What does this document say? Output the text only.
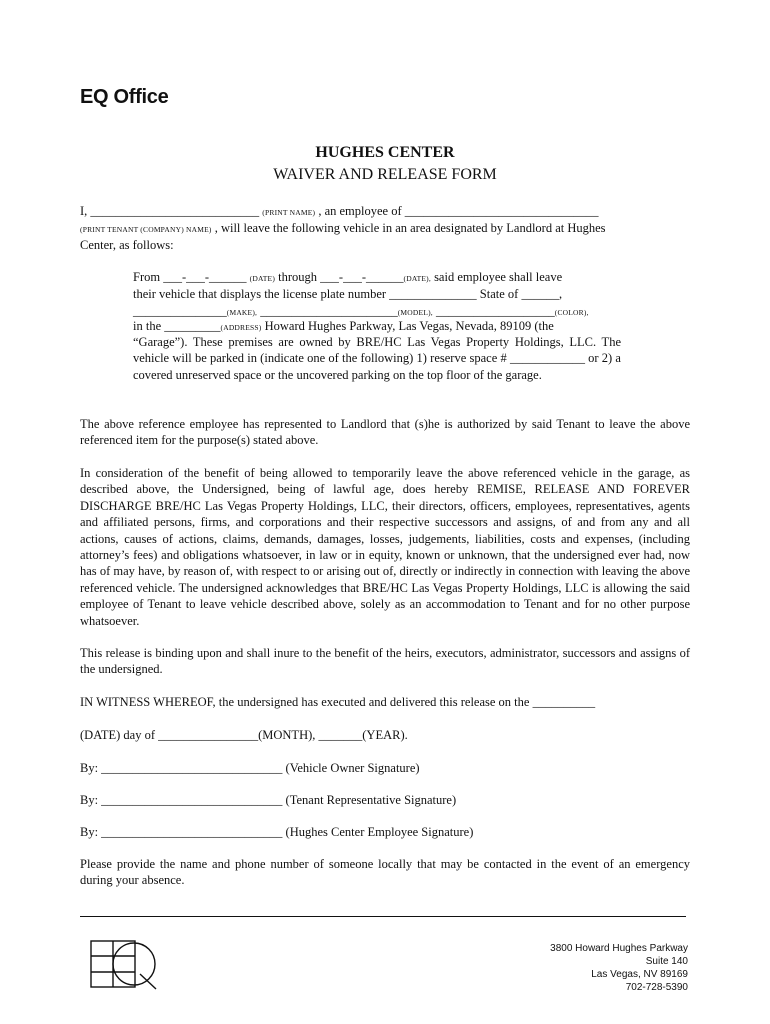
EQ Office
HUGHES CENTER
WAIVER AND RELEASE FORM
I, ___________________________ (PRINT NAME) , an employee of _______________________________
(PRINT TENANT (COMPANY) NAME) , will leave the following vehicle in an area designated by Landlord at Hughes
Center, as follows:
From ___-___-______ (DATE) through ___-___-______(DATE), said employee shall leave
their vehicle that displays the license plate number ______________ State of ______,
_______________(MAKE), ______________________(MODEL), ___________________(COLOR),
in the _________(ADDRESS) Howard Hughes Parkway, Las Vegas, Nevada, 89109 (the
“Garage”). These premises are owned by BRE/HC Las Vegas Property Holdings, LLC. The vehicle will be parked in (indicate one of the following) 1) reserve space # ____________ or 2) a covered unreserved space or the uncovered parking on the top floor of the garage.
The above reference employee has represented to Landlord that (s)he is authorized by said Tenant to leave the above referenced item for the purpose(s) stated above.
In consideration of the benefit of being allowed to temporarily leave the above referenced vehicle in the garage, as described above, the Undersigned, being of lawful age, does hereby REMISE, RELEASE AND FOREVER DISCHARGE BRE/HC Las Vegas Property Holdings, LLC, their directors, officers, employees, representatives, agents and affiliated persons, firms, and corporations and their respective successors and assigns, of and from any and all actions, causes of actions, claims, demands, damages, losses, judgements, liabilities, costs and expenses, (including attorney’s fees) and obligations whatsoever, in law or in equity, known or unknown, that the undersigned ever had, now has of may have, by reason of, with respect to or arising out of, directly or indirectly in connection with leaving the above referenced vehicle. The undersigned acknowledges that BRE/HC Las Vegas Property Holdings, LLC is allowing the said employee of Tenant to leave vehicle described above, solely as an accommodation to Tenant and for no other purpose whatsoever.
This release is binding upon and shall inure to the benefit of the heirs, executors, administrator, successors and assigns of the undersigned.
IN WITNESS WHEREOF, the undersigned has executed and delivered this release on the __________
(DATE) day of ________________(MONTH), _______(YEAR).
By: _____________________________ (Vehicle Owner Signature)
By: _____________________________ (Tenant Representative Signature)
By: _____________________________ (Hughes Center Employee Signature)
Please provide the name and phone number of someone locally that may be contacted in the event of an emergency during your absence.
3800 Howard Hughes Parkway
Suite 140
Las Vegas, NV 89169
702-728-5390
